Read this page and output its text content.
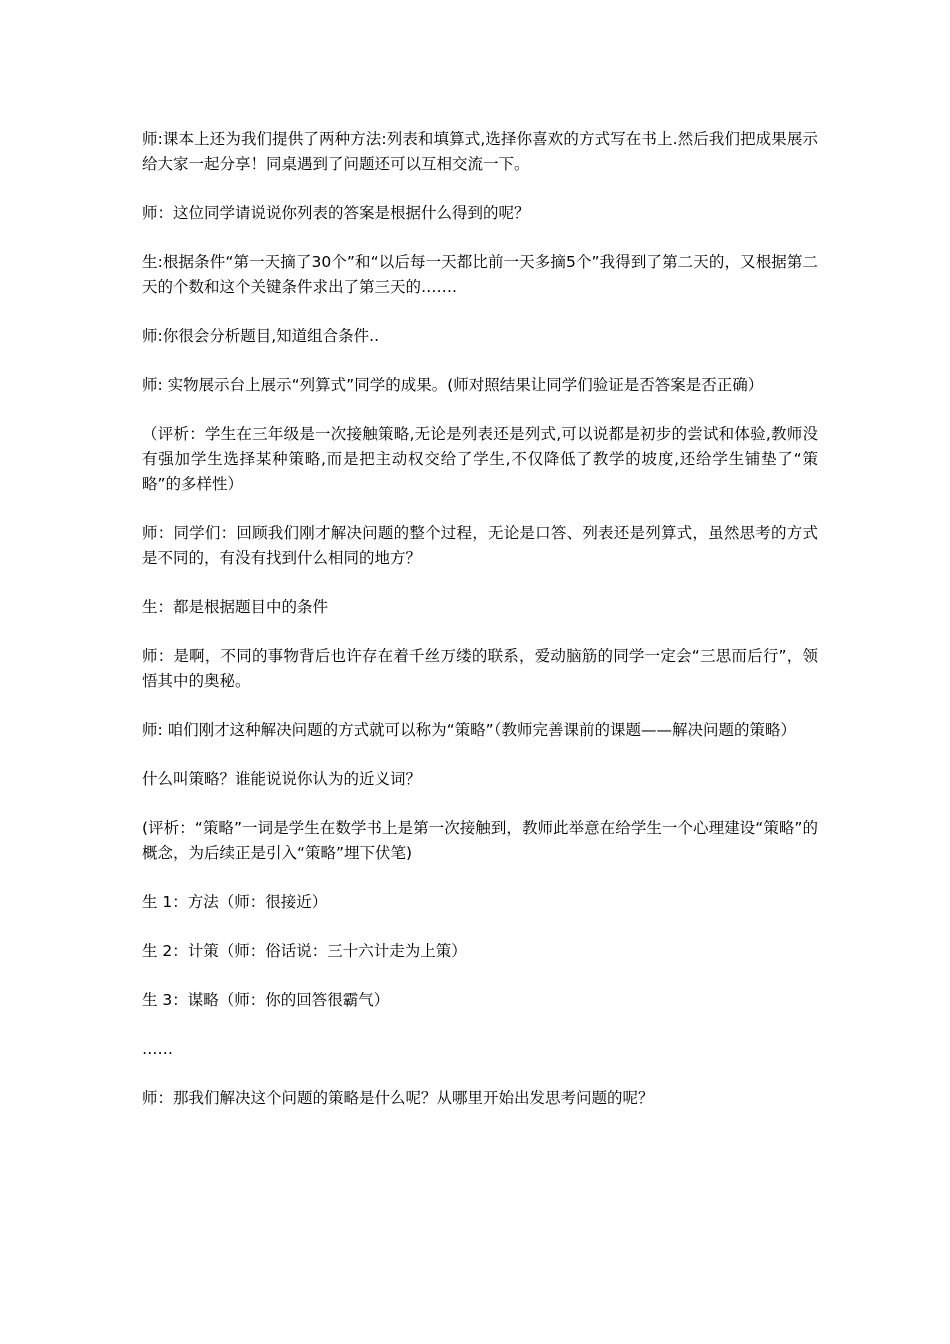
师:课本上还为我们提供了两种方法:列表和填算式,选择你喜欢的方式写在书上.然后我们把成果展示给大家一起分享！同桌遇到了问题还可以互相交流一下。

师：这位同学请说说你列表的答案是根据什么得到的呢？

生:根据条件“第一天摘了30个”和“以后每一天都比前一天多摘5个”我得到了第二天的，又根据第二天的个数和这个关键条件求出了第三天的…….

师:你很会分析题目,知道组合条件..

师: 实物展示台上展示“列算式”同学的成果。(师对照结果让同学们验证是否答案是否正确）

（评析：学生在三年级是一次接触策略,无论是列表还是列式,可以说都是初步的尝试和体验,教师没有强加学生选择某种策略,而是把主动权交给了学生,不仅降低了教学的坡度,还给学生铺垫了“策略”的多样性）

师：同学们：回顾我们刚才解决问题的整个过程，无论是口答、列表还是列算式，虽然思考的方式是不同的，有没有找到什么相同的地方？

生：都是根据题目中的条件

师：是啊，不同的事物背后也许存在着千丝万缕的联系，爱动脑筋的同学一定会“三思而后行”，领悟其中的奥秘。

师: 咱们刚才这种解决问题的方式就可以称为“策略”（教师完善课前的课题——解决问题的策略）

什么叫策略？谁能说说你认为的近义词？

(评析：“策略”一词是学生在数学书上是第一次接触到，教师此举意在给学生一个心理建设“策略”的概念，为后续正是引入“策略”埋下伏笔)

生 1：方法（师：很接近）

生 2：计策（师：俗话说：三十六计走为上策）

生 3：谋略（师：你的回答很霸气）

……

师：那我们解决这个问题的策略是什么呢？从哪里开始出发思考问题的呢？
